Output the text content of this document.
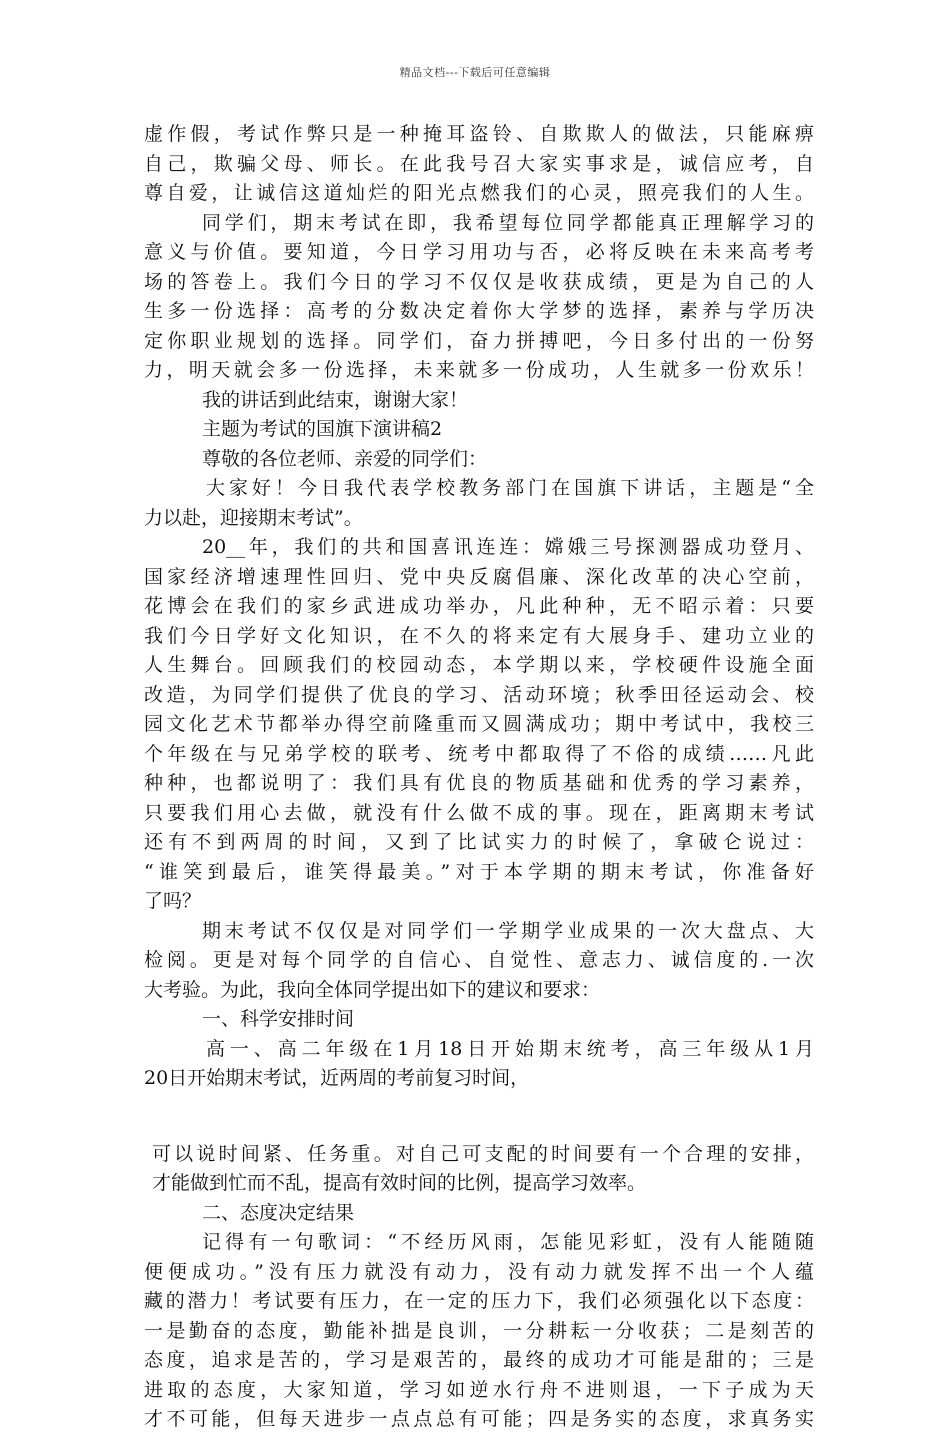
精品文档---下载后可任意编辑
虚作假，考试作弊只是一种掩耳盗铃、自欺欺人的做法，只能麻痹
自己，欺骗父母、师长。在此我号召大家实事求是，诚信应考，自
尊自爱，让诚信这道灿烂的阳光点燃我们的心灵，照亮我们的人生。
同学们，期末考试在即，我希望每位同学都能真正理解学习的
意义与价值。要知道，今日学习用功与否，必将反映在未来高考考
场的答卷上。我们今日的学习不仅仅是收获成绩，更是为自己的人
生多一份选择：高考的分数决定着你大学梦的选择，素养与学历决
定你职业规划的选择。同学们，奋力拼搏吧，今日多付出的一份努
力，明天就会多一份选择，未来就多一份成功，人生就多一份欢乐！
我的讲话到此结束，谢谢大家！
主题为考试的国旗下演讲稿2
尊敬的各位老师、亲爱的同学们：
大家好！今日我代表学校教务部门在国旗下讲话，主题是“全
力以赴，迎接期末考试”。
20__年，我们的共和国喜讯连连：嫦娥三号探测器成功登月、
国家经济增速理性回归、党中央反腐倡廉、深化改革的决心空前，
花博会在我们的家乡武进成功举办，凡此种种，无不昭示着：只要
我们今日学好文化知识，在不久的将来定有大展身手、建功立业的
人生舞台。回顾我们的校园动态，本学期以来，学校硬件设施全面
改造，为同学们提供了优良的学习、活动环境；秋季田径运动会、校
园文化艺术节都举办得空前隆重而又圆满成功；期中考试中，我校三
个年级在与兄弟学校的联考、统考中都取得了不俗的成绩……凡此
种种，也都说明了：我们具有优良的物质基础和优秀的学习素养，
只要我们用心去做，就没有什么做不成的事。现在，距离期末考试
还有不到两周的时间，又到了比试实力的时候了，拿破仑说过：
“谁笑到最后，谁笑得最美。”对于本学期的期末考试，你准备好
了吗？
期末考试不仅仅是对同学们一学期学业成果的一次大盘点、大
检阅。更是对每个同学的自信心、自觉性、意志力、诚信度的.一次
大考验。为此，我向全体同学提出如下的建议和要求：
一、科学安排时间
高一、高二年级在1月18日开始期末统考，高三年级从1月
20日开始期末考试，近两周的考前复习时间，
可以说时间紧、任务重。对自己可支配的时间要有一个合理的安排，
才能做到忙而不乱，提高有效时间的比例，提高学习效率。
二、态度决定结果
记得有一句歌词：“不经历风雨，怎能见彩虹，没有人能随随
便便成功。”没有压力就没有动力，没有动力就发挥不出一个人蕴
藏的潜力！考试要有压力，在一定的压力下，我们必须强化以下态度：
一是勤奋的态度，勤能补拙是良训，一分耕耘一分收获；二是刻苦的
态度，追求是苦的，学习是艰苦的，最终的成功才可能是甜的；三是
进取的态度，大家知道，学习如逆水行舟不进则退，一下子成为天
才不可能，但每天进步一点点总有可能；四是务实的态度，求真务实
